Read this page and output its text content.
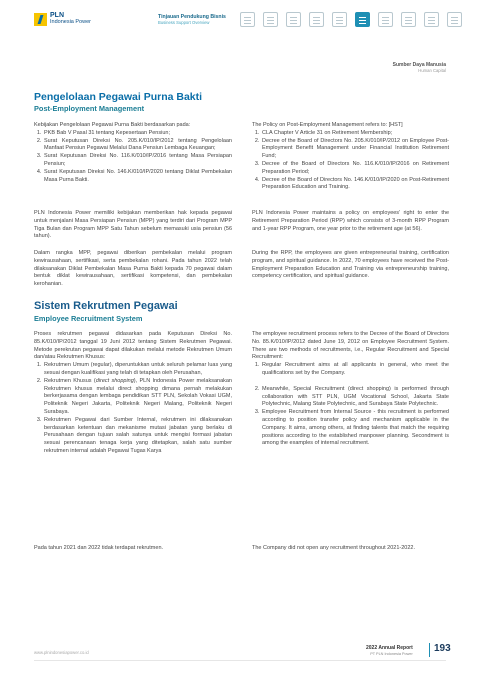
PLN
Indonesia Power
Tinjauan Pendukung Bisnis
Business Support Overview
Sumber Daya Manusia
Human Capital
Pengelolaan Pegawai Purna Bakti
Post-Employment Management

Kebijakan Pengelolaan Pegawai Purna Bakti berdasarkan pada:

1. PKB Bab V Pasal 31 tentang Kepesertaan Pensiun;
2. Surat Keputusan Direksi No. 205.K/010/IP/2012 tentang Pengelolaan Manfaat Pensiun Pegawai Melalui Dana Pensiun Lembaga Keuangan;
3. Surat Keputusan Direksi No. 116.K/010/IP/2016 tentang Masa Persiapan Pensiun;
4. Surat Keputusan Direksi No. 146.K/010/IP/2020 tentang Diklat Pembekalan Masa Purna Bakti.

The Policy on Post-Employment Management refers to: [HST]

1. CLA Chapter V Article 31 on Retirement Membership;
2. Decree of the Board of Directors No. 205.K/010/IP/2012 on Employee Post-Employment Benefit Management under Financial Institution Retirement Fund;
3. Decree of the Board of Directors No. 116.K/010/IP/2016 on Retirement Preparation Period;
4. Decree of the Board of Directors No. 146.K/010/IP/2020 on Post-Retirement Preparation Education and Training.
PLN Indonesia Power memiliki kebijakan memberikan hak kepada pegawai untuk menjalani Masa Persiapan Pensiun (MPP) yang terdiri dari Program MPP Tiga Bulan dan Program MPP Satu Tahun sebelum memasuki usia pensiun (56 tahun).
PLN Indonesia Power maintains a policy on employees’ right to enter the Retirement Preparation Period (RPP) which consists of 3-month RPP Program and 1-year RPP Program, one year prior to the retirement age (at 56).
Dalam rangka MPP, pegawai diberikan pembekalan melalui program kewirausahaan, sertifikasi, serta pembekalan rohani. Pada tahun 2022 telah dilaksanakan Diklat Pembekalan Masa Purna Bakti kepada 70 pegawai dalam bentuk diklat kewirausahaan, sertifikasi kompetensi, dan pembekalan kerohanian.
During the RPP, the employees are given entrepreneurial training, certification program, and spiritual guidance. In 2022, 70 employees have received the Post-Employment Preparation Education and Training via entrepreneurship training, competency certification, and spiritual guidance.
Sistem Rekrutmen Pegawai
Employee Recruitment System

Proses rekrutmen pegawai didasarkan pada Keputusan Direksi No. 85.K/010/IP/2012 tanggal 19 Juni 2012 tentang Sistem Rekrutmen Pegawai. Metode perekrutan pegawai dapat dilakukan melalui metode Rekrutmen Umum dan/atau Rekrutmen Khusus:

1. Rekrutmen Umum (regular), diperuntukkan untuk seluruh pelamar luas yang sesuai dengan kualifikasi yang telah di tetapkan oleh Perusahan,
2. Rekrutmen Khusus (direct shopping), PLN Indonesia Power melaksanakan Rekrutmen khusus melalui direct shopping dimana pernah melakukan berkerjasama dengan lembaga pendidikan STT PLN, Sekolah Vokasi UGM, Politeknik Negeri Jakarta, Politeknik Negeri Malang, Politeknik Negeri Surabaya.
3. Rekrutmen Pegawai dari Sumber Internal, rekrutmen ini dilaksanakan berdasarkan ketentuan dan mekanisme mutasi jabatan yang berlaku di Perusahaan dengan tujuan salah satunya untuk mengisi formasi jabatan sesuai perencanaan tenaga kerja yang ditetapkan, salah satu sumber rekrutmen internal adalah Pegawai Tugas Karya

The employee recruitment process refers to the Decree of the Board of Directors No. 85.K/010/IP/2012 dated June 19, 2012 on Employee Recruitment System. There are two methods of recruitments, i.e., Regular Recruitment and Special Recruitment:

1. Regular Recruitment aims at all applicants in general, who meet the qualifications set by the Company.
2. Meanwhile, Special Recruitment (direct shopping) is performed through collaboration with STT PLN, UGM Vocational School, Jakarta State Polytechnic, Malang State Polytechnic, and Surabaya State Polytechnic.
3. Employee Recruitment from Internal Source - this recruitment is performed according to position transfer policy and mechanism applicable in the Company. It aims, among others, at finding talents that match the requiring positions according to the established manpower planning. Secondment is among the examples of internal recruitment.
Pada tahun 2021 dan 2022 tidak terdapat rekrutmen.	The Company did not open any recruitment throughout 2021-2022.
www.plnindonesiapower.co.id
2022 Annual Report
PT PLN Indonesia Power 193
